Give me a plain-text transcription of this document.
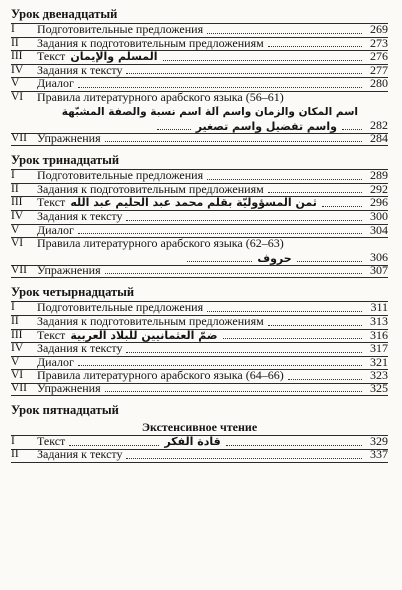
Урок двенадцатый
I	Подготовительные предложения	269
II	Задания к подготовительным предложениям	273
III	Текст المسلم والإيمان	276
IV	Задания к тексту	277
V	Диалог	280
VI	Правила литературного арабского языка (56–61)
اسم المكان والزمان واسم آلة اسم نسبة والصفة المشبّهة
واسم تفضيل واسم تصغير	282
VII Упражнения	284
Урок тринадцатый
I	Подготовительные предложения	289
II	Задания к подготовительным предложениям	292
III	Текст ثمن المسؤوليّة بقلم محمد عبد الحليم عبد الله	296
IV	Задания к тексту	300
V	Диалог	304
VI	Правила литературного арабского языка (62–63)
حروف	306
VII Упражнения	307
Урок четырнадцатый
I	Подготовительные предложения	311
II	Задания к подготовительным предложениям	313
III	Текст ضمّ العثمانيين للبلاد العربية	316
IV	Задания к тексту	317
V	Диалог	321
VI	Правила литературного арабского языка (64–66)	323
VII Упражнения	325
Урок пятнадцатый
Экстенсивное чтение
I	Текст	قادة الفكر	329
II	Задания к тексту	337
